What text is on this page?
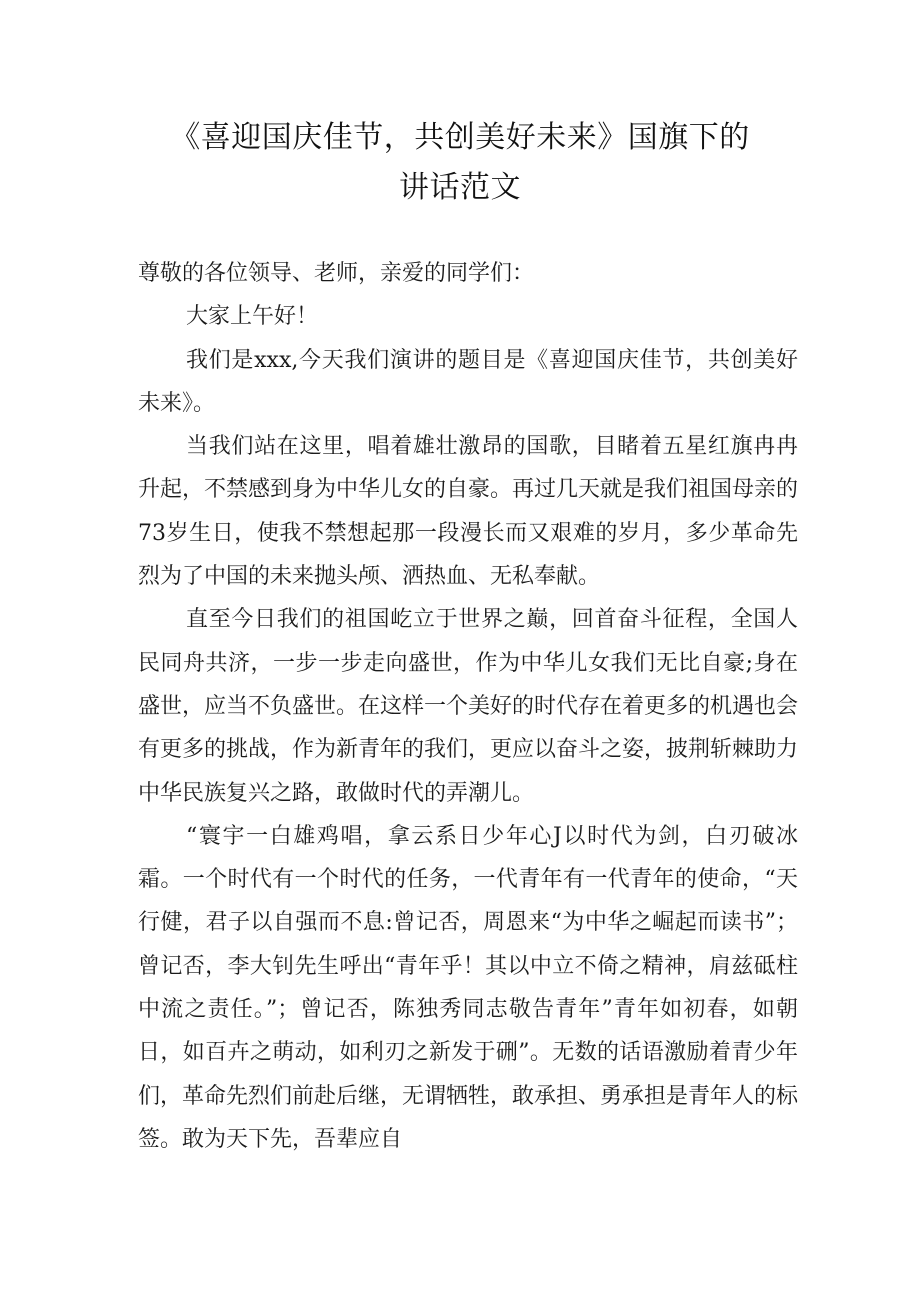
《喜迎国庆佳节，共创美好未来》国旗下的
讲话范文

尊敬的各位领导、老师，亲爱的同学们：

大家上午好！

我们是xxx,今天我们演讲的题目是《喜迎国庆佳节，共创美好未来》。

当我们站在这里，唱着雄壮激昂的国歌，目睹着五星红旗冉冉升起，不禁感到身为中华儿女的自豪。再过几天就是我们祖国母亲的73岁生日，使我不禁想起那一段漫长而又艰难的岁月，多少革命先烈为了中国的未来抛头颅、洒热血、无私奉献。

直至今日我们的祖国屹立于世界之巅，回首奋斗征程，全国人民同舟共济，一步一步走向盛世，作为中华儿女我们无比自豪;身在盛世，应当不负盛世。在这样一个美好的时代存在着更多的机遇也会有更多的挑战，作为新青年的我们，更应以奋斗之姿，披荆斩棘助力中华民族复兴之路，敢做时代的弄潮儿。

“寰宇一白雄鸡唱，拿云系日少年心J以时代为剑，白刃破冰霜。一个时代有一个时代的任务，一代青年有一代青年的使命，“天行健，君子以自强而不息:曾记否，周恩来“为中华之崛起而读书”；曾记否，李大钊先生呼出“青年乎！其以中立不倚之精神，肩兹砥柱中流之责任。”；曾记否，陈独秀同志敬告青年”青年如初春，如朝日，如百卉之萌动，如利刃之新发于硎”。无数的话语激励着青少年们，革命先烈们前赴后继，无谓牺牲，敢承担、勇承担是青年人的标签。敢为天下先，吾辈应自
